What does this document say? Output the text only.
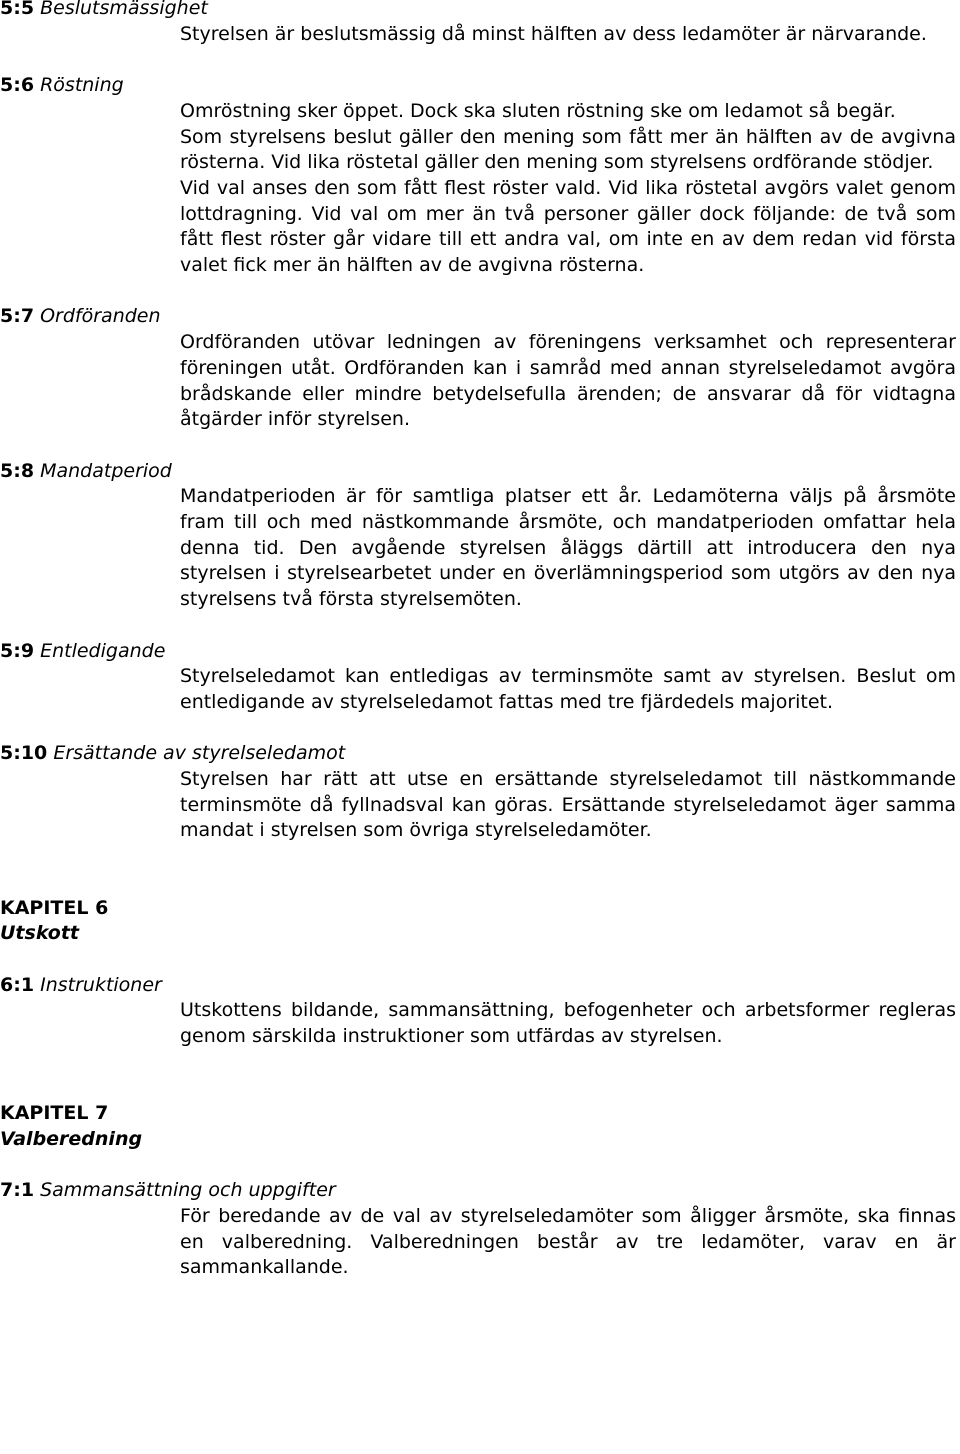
5:5 Beslutsmässighet

Styrelsen är beslutsmässig då minst hälften av dess ledamöter är närvarande.

5:6 Röstning

Omröstning sker öppet. Dock ska sluten röstning ske om ledamot så begär.

Som styrelsens beslut gäller den mening som fått mer än hälften av de avgivna rösterna. Vid lika röstetal gäller den mening som styrelsens ordförande stödjer.

Vid val anses den som fått flest röster vald. Vid lika röstetal avgörs valet genom lottdragning. Vid val om mer än två personer gäller dock följande: de två som fått flest röster går vidare till ett andra val, om inte en av dem redan vid första valet fick mer än hälften av de avgivna rösterna.

5:7 Ordföranden

Ordföranden utövar ledningen av föreningens verksamhet och representerar föreningen utåt. Ordföranden kan i samråd med annan styrelseledamot avgöra brådskande eller mindre betydelsefulla ärenden; de ansvarar då för vidtagna åtgärder inför styrelsen.

5:8 Mandatperiod

Mandatperioden är för samtliga platser ett år. Ledamöterna väljs på årsmöte fram till och med nästkommande årsmöte, och mandatperioden omfattar hela denna tid. Den avgående styrelsen åläggs därtill att introducera den nya styrelsen i styrelsearbetet under en överlämningsperiod som utgörs av den nya styrelsens två första styrelsemöten.

5:9 Entledigande

Styrelseledamot kan entledigas av terminsmöte samt av styrelsen. Beslut om entledigande av styrelseledamot fattas med tre fjärdedels majoritet.

5:10 Ersättande av styrelseledamot

Styrelsen har rätt att utse en ersättande styrelseledamot till nästkommande terminsmöte då fyllnadsval kan göras. Ersättande styrelseledamot äger samma mandat i styrelsen som övriga styrelseledamöter.

KAPITEL 6
Utskott
6:1 Instruktioner

Utskottens bildande, sammansättning, befogenheter och arbetsformer regleras genom särskilda instruktioner som utfärdas av styrelsen.

KAPITEL 7
Valberedning
7:1 Sammansättning och uppgifter

För beredande av de val av styrelseledamöter som åligger årsmöte, ska finnas en valberedning. Valberedningen består av tre ledamöter, varav en är sammankallande.
